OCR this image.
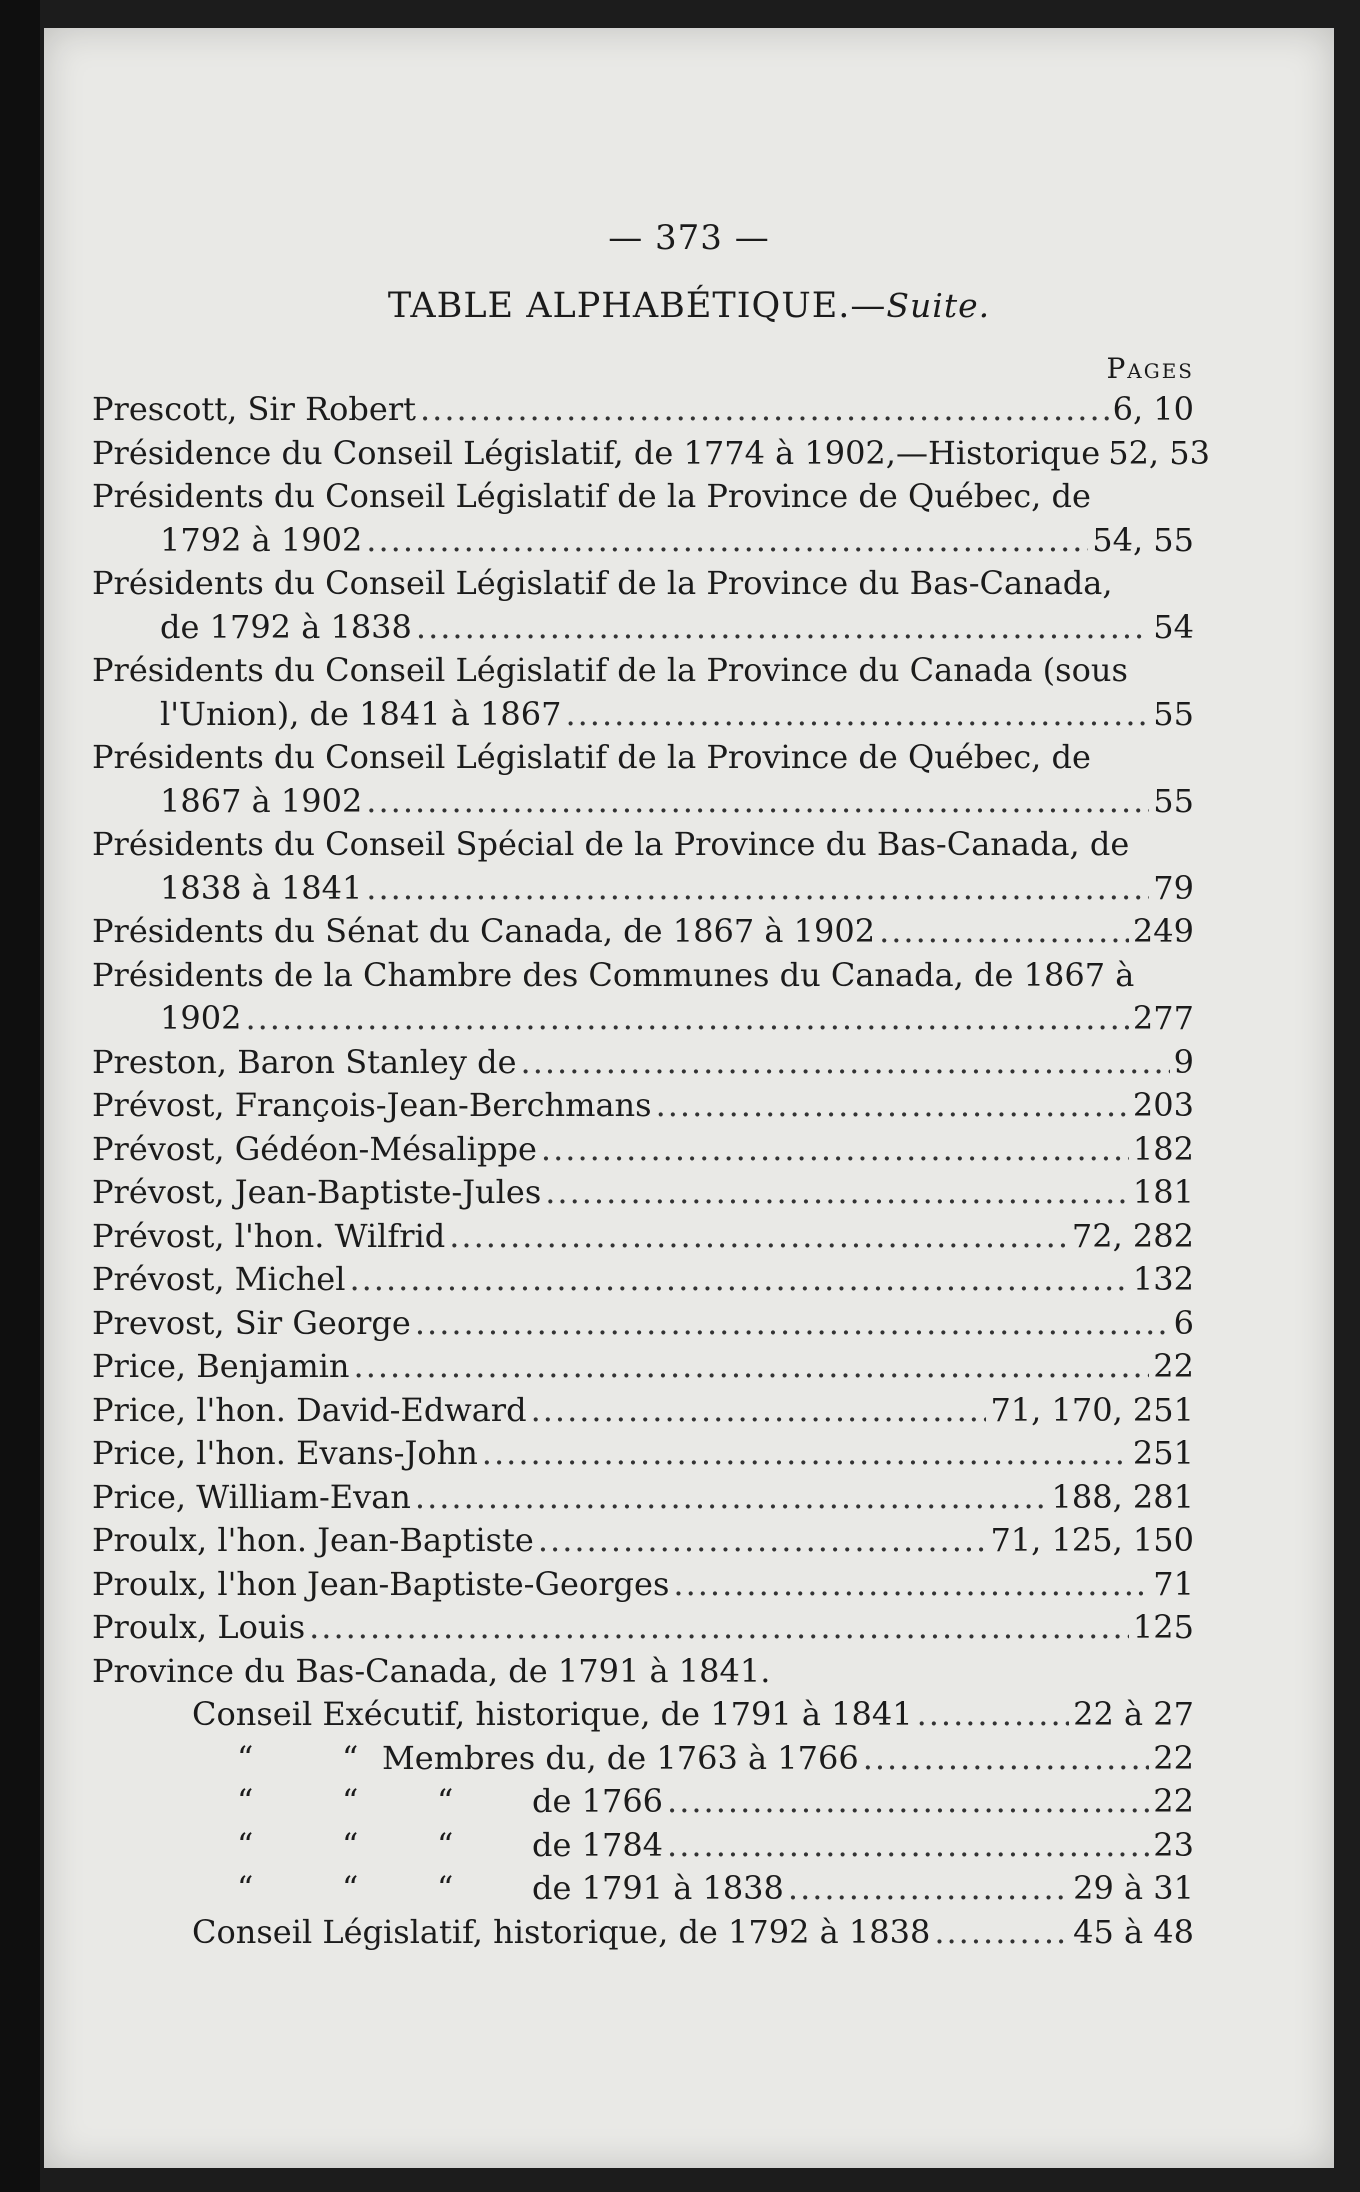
— 373 —
TABLE ALPHABÉTIQUE.—Suite.
Pages
Prescott, Sir Robert .....	6, 10
Présidence du Conseil Législatif, de 1774 à 1902,—Historique 52, 53
Présidents du Conseil Législatif de la Province de Québec, de
1792 à 1902 .....	54, 55
Présidents du Conseil Législatif de la Province du Bas-Canada,
de 1792 à 1838 .....	54
Présidents du Conseil Législatif de la Province du Canada (sous
l'Union), de 1841 à 1867 .....	55
Présidents du Conseil Législatif de la Province de Québec, de
1867 à 1902 .....	55
Présidents du Conseil Spécial de la Province du Bas-Canada, de
1838 à 1841 .....	79
Présidents du Sénat du Canada, de 1867 à 1902 .....	249
Présidents de la Chambre des Communes du Canada, de 1867 à
1902 .....	277
Preston, Baron Stanley de .....	9
Prévost, François-Jean-Berchmans .....	203
Prévost, Gédéon-Mésalippe .....	182
Prévost, Jean-Baptiste-Jules .....	181
Prévost, l'hon. Wilfrid .....	72, 282
Prévost, Michel .....	132
Prevost, Sir George .....	6
Price, Benjamin .....	22
Price, l'hon. David-Edward .....	71, 170, 251
Price, l'hon. Evans-John .....	251
Price, William-Evan .....	188, 281
Proulx, l'hon. Jean-Baptiste .....	71, 125, 150
Proulx, l'hon Jean-Baptiste-Georges .....	71
Proulx, Louis .....	125
Province du Bas-Canada, de 1791 à 1841.
Conseil Exécutif, historique, de 1791 à 1841 .....	22 à 27
“	“ Membres du, de 1763 à 1766 .....	22
“	“ “ de 1766 .....	22
“	“ “ de 1784 .....	23
“	“ “ de 1791 à 1838 .....	29 à 31
Conseil Législatif, historique, de 1792 à 1838 .....	45 à 48
